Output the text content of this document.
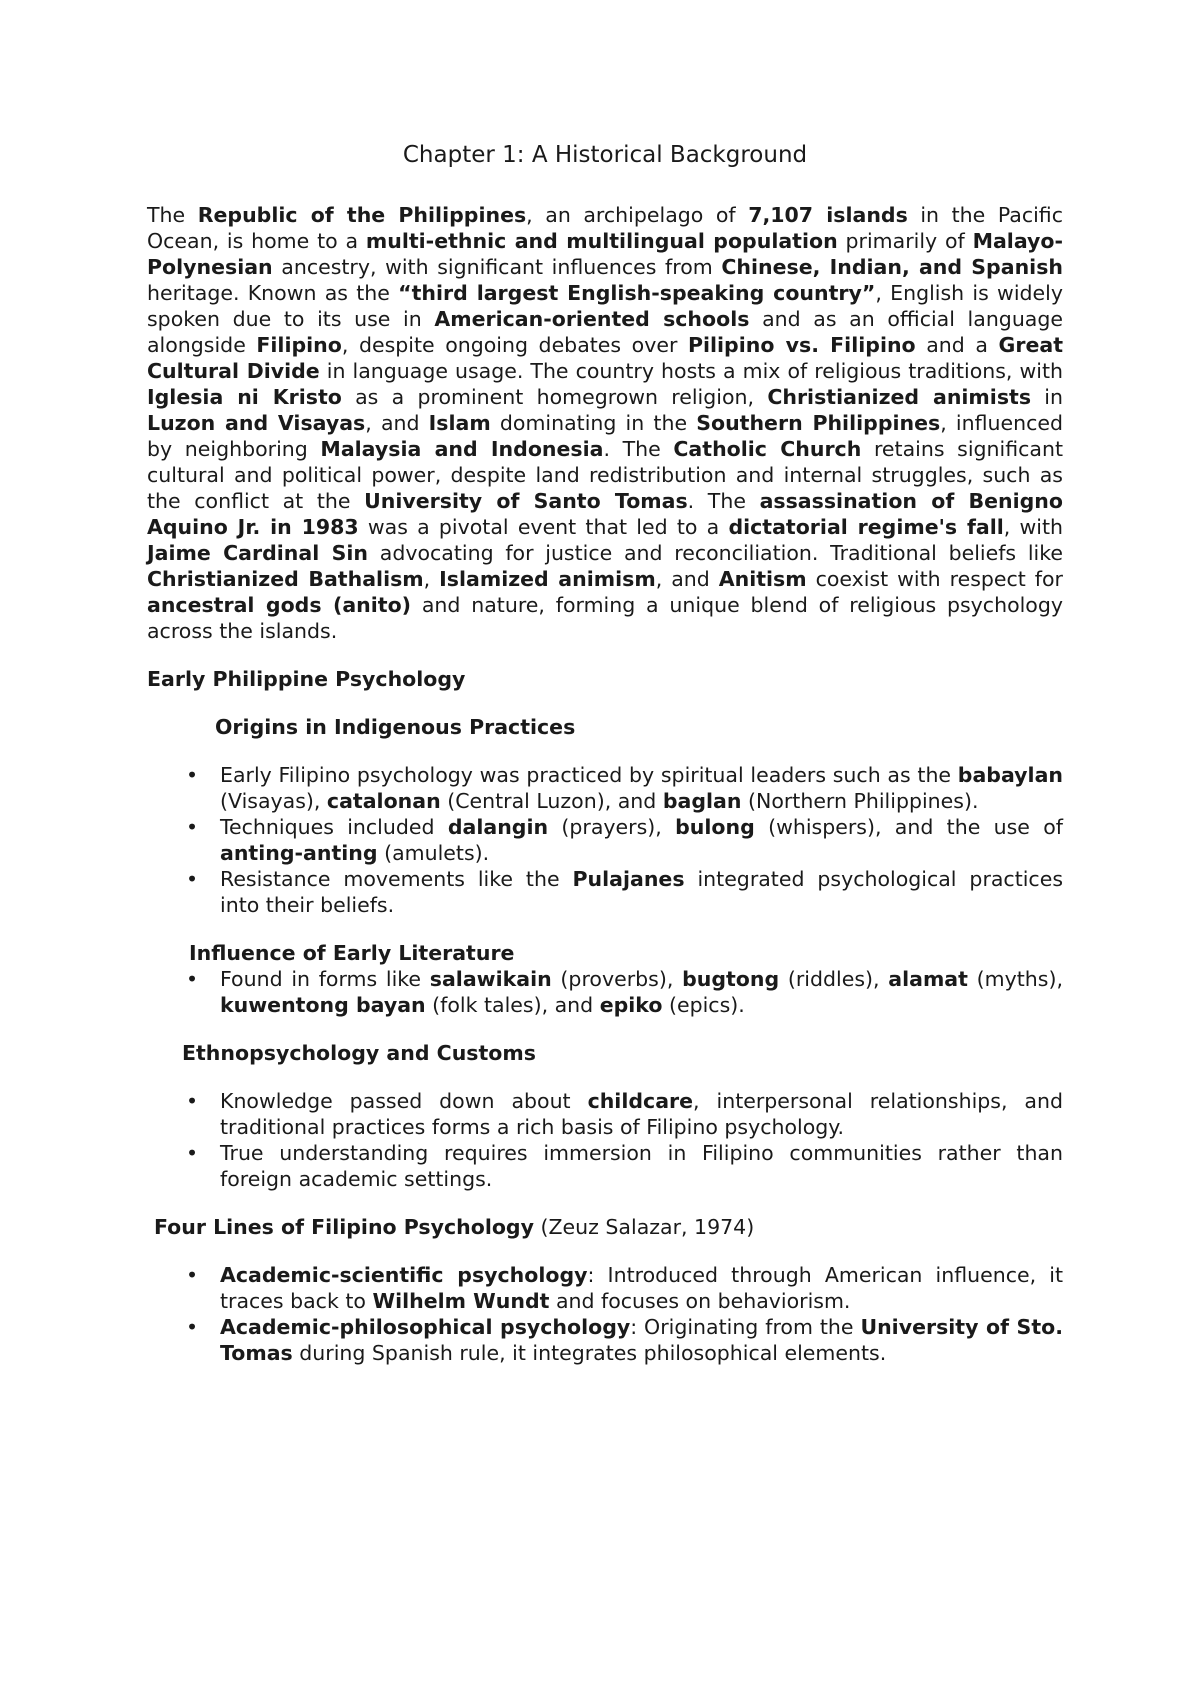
Chapter 1: A Historical Background

The Republic of the Philippines, an archipelago of 7,107 islands in the Pacific Ocean, is home to a multi-ethnic and multilingual population primarily of Malayo-Polynesian ancestry, with significant influences from Chinese, Indian, and Spanish heritage. Known as the “third largest English-speaking country”, English is widely spoken due to its use in American-oriented schools and as an official language alongside Filipino, despite ongoing debates over Pilipino vs. Filipino and a Great Cultural Divide in language usage. The country hosts a mix of religious traditions, with Iglesia ni Kristo as a prominent homegrown religion, Christianized animists in Luzon and Visayas, and Islam dominating in the Southern Philippines, influenced by neighboring Malaysia and Indonesia. The Catholic Church retains significant cultural and political power, despite land redistribution and internal struggles, such as the conflict at the University of Santo Tomas. The assassination of Benigno Aquino Jr. in 1983 was a pivotal event that led to a dictatorial regime's fall, with Jaime Cardinal Sin advocating for justice and reconciliation. Traditional beliefs like Christianized Bathalism, Islamized animism, and Anitism coexist with respect for ancestral gods (anito) and nature, forming a unique blend of religious psychology across the islands.

Early Philippine Psychology

Origins in Indigenous Practices

• Early Filipino psychology was practiced by spiritual leaders such as the babaylan (Visayas), catalonan (Central Luzon), and baglan (Northern Philippines).
• Techniques included dalangin (prayers), bulong (whispers), and the use of anting-anting (amulets).
• Resistance movements like the Pulajanes integrated psychological practices into their beliefs.

Influence of Early Literature

• Found in forms like salawikain (proverbs), bugtong (riddles), alamat (myths), kuwentong bayan (folk tales), and epiko (epics).

Ethnopsychology and Customs

• Knowledge passed down about childcare, interpersonal relationships, and traditional practices forms a rich basis of Filipino psychology.
• True understanding requires immersion in Filipino communities rather than foreign academic settings.

Four Lines of Filipino Psychology (Zeuz Salazar, 1974)

• Academic-scientific psychology: Introduced through American influence, it traces back to Wilhelm Wundt and focuses on behaviorism.
• Academic-philosophical psychology: Originating from the University of Sto. Tomas during Spanish rule, it integrates philosophical elements.
